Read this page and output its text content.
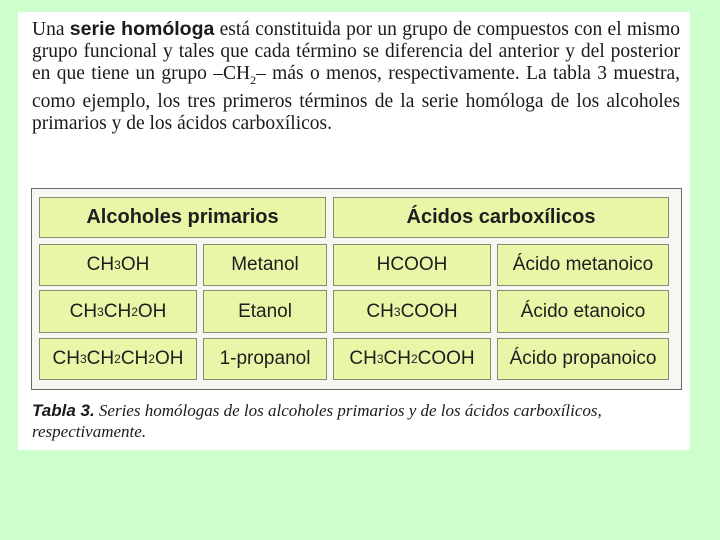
Una serie homóloga está constituida por un grupo de compuestos con el mismo grupo funcional y tales que cada término se diferencia del anterior y del posterior en que tiene un grupo $-CH_2-$ más o menos, respectivamente. La tabla 3 muestra, como ejemplo, los tres primeros términos de la serie homóloga de los alcoholes primarios y de los ácidos carboxílicos.

Alcoholes primarios	Ácidos carboxílicos
CH 3 OH	Metanol	HCOOH	Ácido metanoico
CH 3 CH 2 OH	Etanol	CH 3 COOH	Ácido etanoico
CH 3 CH 2 CH 2 OH	1-propanol	CH 3 CH 2 COOH	Ácido propanoico

Tabla 3. Series homólogas de los alcoholes primarios y de los ácidos carboxílicos, respectivamente.
